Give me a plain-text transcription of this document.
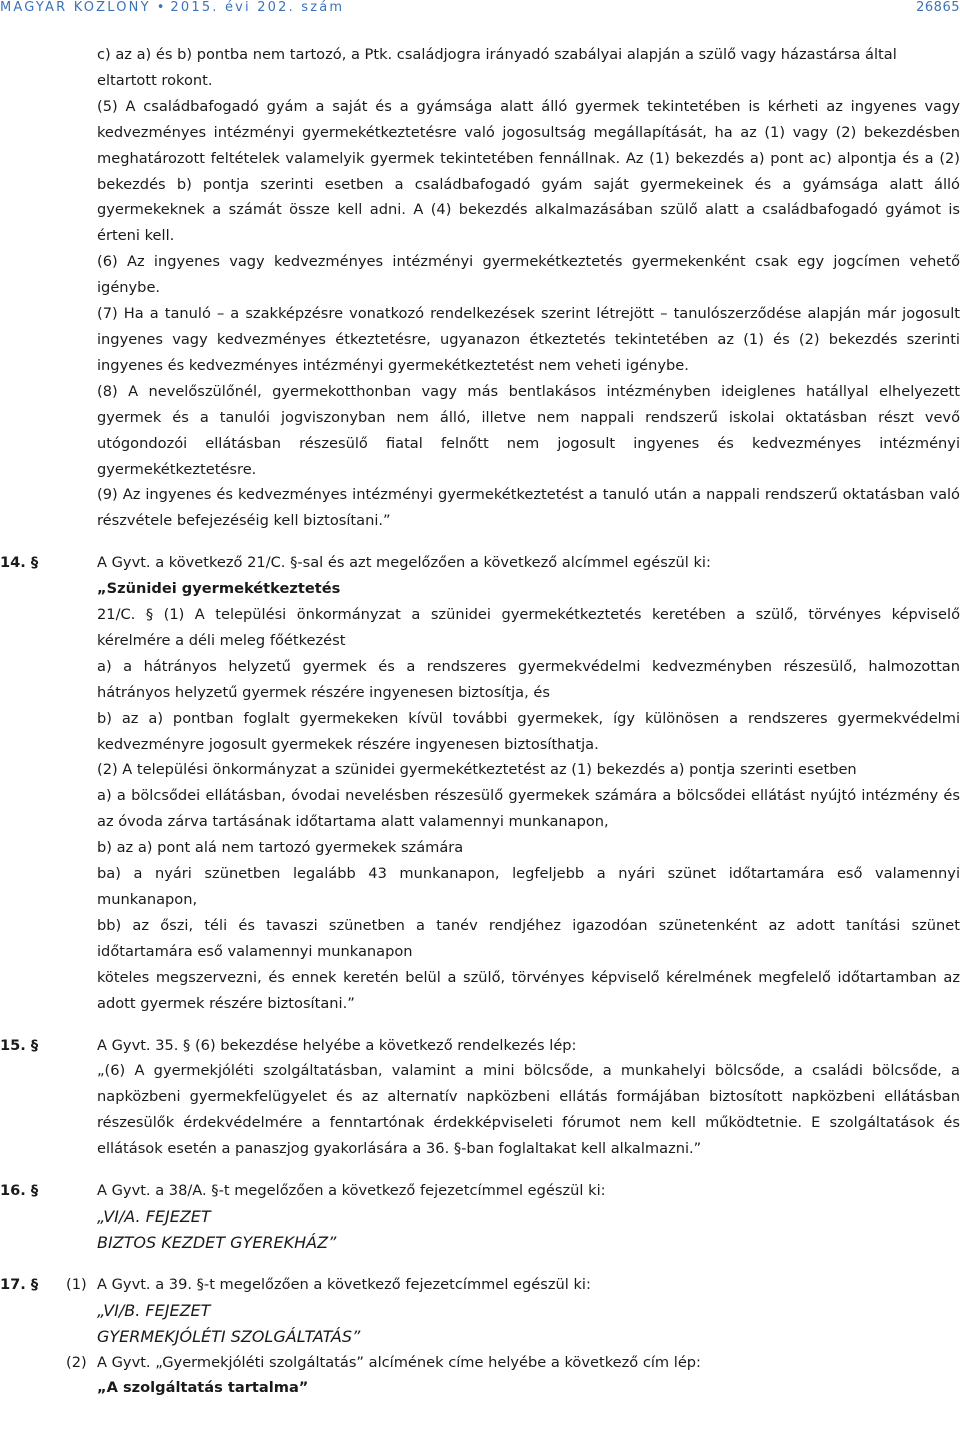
MAGYAR KÖZLÖNY • 2015. évi 202. szám	26865

c) az a) és b) pontba nem tartozó, a Ptk. családjogra irányadó szabályai alapján a szülő vagy házastársa által eltartott rokont.

(5) A családbafogadó gyám a saját és a gyámsága alatt álló gyermek tekintetében is kérheti az ingyenes vagy kedvezményes intézményi gyermekétkeztetésre való jogosultság megállapítását, ha az (1) vagy (2) bekezdésben meghatározott feltételek valamelyik gyermek tekintetében fennállnak. Az (1) bekezdés a) pont ac) alpontja és a (2) bekezdés b) pontja szerinti esetben a családbafogadó gyám saját gyermekeinek és a gyámsága alatt álló gyermekeknek a számát össze kell adni. A (4) bekezdés alkalmazásában szülő alatt a családbafogadó gyámot is érteni kell.

(6) Az ingyenes vagy kedvezményes intézményi gyermekétkeztetés gyermekenként csak egy jogcímen vehető igénybe.

(7) Ha a tanuló – a szakképzésre vonatkozó rendelkezések szerint létrejött – tanulószerződése alapján már jogosult ingyenes vagy kedvezményes étkeztetésre, ugyanazon étkeztetés tekintetében az (1) és (2) bekezdés szerinti ingyenes és kedvezményes intézményi gyermekétkeztetést nem veheti igénybe.

(8) A nevelőszülőnél, gyermekotthonban vagy más bentlakásos intézményben ideiglenes hatállyal elhelyezett gyermek és a tanulói jogviszonyban nem álló, illetve nem nappali rendszerű iskolai oktatásban részt vevő utógondozói ellátásban részesülő fiatal felnőtt nem jogosult ingyenes és kedvezményes intézményi gyermekétkeztetésre.

(9) Az ingyenes és kedvezményes intézményi gyermekétkeztetést a tanuló után a nappali rendszerű oktatásban való részvétele befejezéséig kell biztosítani.”

14. §	A Gyvt. a következő 21/C. §-sal és azt megelőzően a következő alcímmel egészül ki:

„Szünidei gyermekétkeztetés

21/C. § (1) A települési önkormányzat a szünidei gyermekétkeztetés keretében a szülő, törvényes képviselő kérelmére a déli meleg főétkezést

a) a hátrányos helyzetű gyermek és a rendszeres gyermekvédelmi kedvezményben részesülő, halmozottan hátrányos helyzetű gyermek részére ingyenesen biztosítja, és

b) az a) pontban foglalt gyermekeken kívül további gyermekek, így különösen a rendszeres gyermekvédelmi kedvezményre jogosult gyermekek részére ingyenesen biztosíthatja.

(2) A települési önkormányzat a szünidei gyermekétkeztetést az (1) bekezdés a) pontja szerinti esetben

a) a bölcsődei ellátásban, óvodai nevelésben részesülő gyermekek számára a bölcsődei ellátást nyújtó intézmény és az óvoda zárva tartásának időtartama alatt valamennyi munkanapon,

b) az a) pont alá nem tartozó gyermekek számára

ba) a nyári szünetben legalább 43 munkanapon, legfeljebb a nyári szünet időtartamára eső valamennyi munkanapon,

bb) az őszi, téli és tavaszi szünetben a tanév rendjéhez igazodóan szünetenként az adott tanítási szünet időtartamára eső valamennyi munkanapon

köteles megszervezni, és ennek keretén belül a szülő, törvényes képviselő kérelmének megfelelő időtartamban az adott gyermek részére biztosítani.”

15. §	A Gyvt. 35. § (6) bekezdése helyébe a következő rendelkezés lép:

„(6) A gyermekjóléti szolgáltatásban, valamint a mini bölcsőde, a munkahelyi bölcsőde, a családi bölcsőde, a napközbeni gyermekfelügyelet és az alternatív napközbeni ellátás formájában biztosított napközbeni ellátásban részesülők érdekvédelmére a fenntartónak érdekképviseleti fórumot nem kell működtetnie. E szolgáltatások és ellátások esetén a panaszjog gyakorlására a 36. §-ban foglaltakat kell alkalmazni.”

16. §	A Gyvt. a 38/A. §-t megelőzően a következő fejezetcímmel egészül ki:

„VI/A. FEJEZET

BIZTOS KEZDET GYEREKHÁZ”

17. § (1) A Gyvt. a 39. §-t megelőzően a következő fejezetcímmel egészül ki:

„VI/B. FEJEZET

GYERMEKJÓLÉTI SZOLGÁLTATÁS”

(2) A Gyvt. „Gyermekjóléti szolgáltatás” alcímének címe helyébe a következő cím lép:

„A szolgáltatás tartalma”
